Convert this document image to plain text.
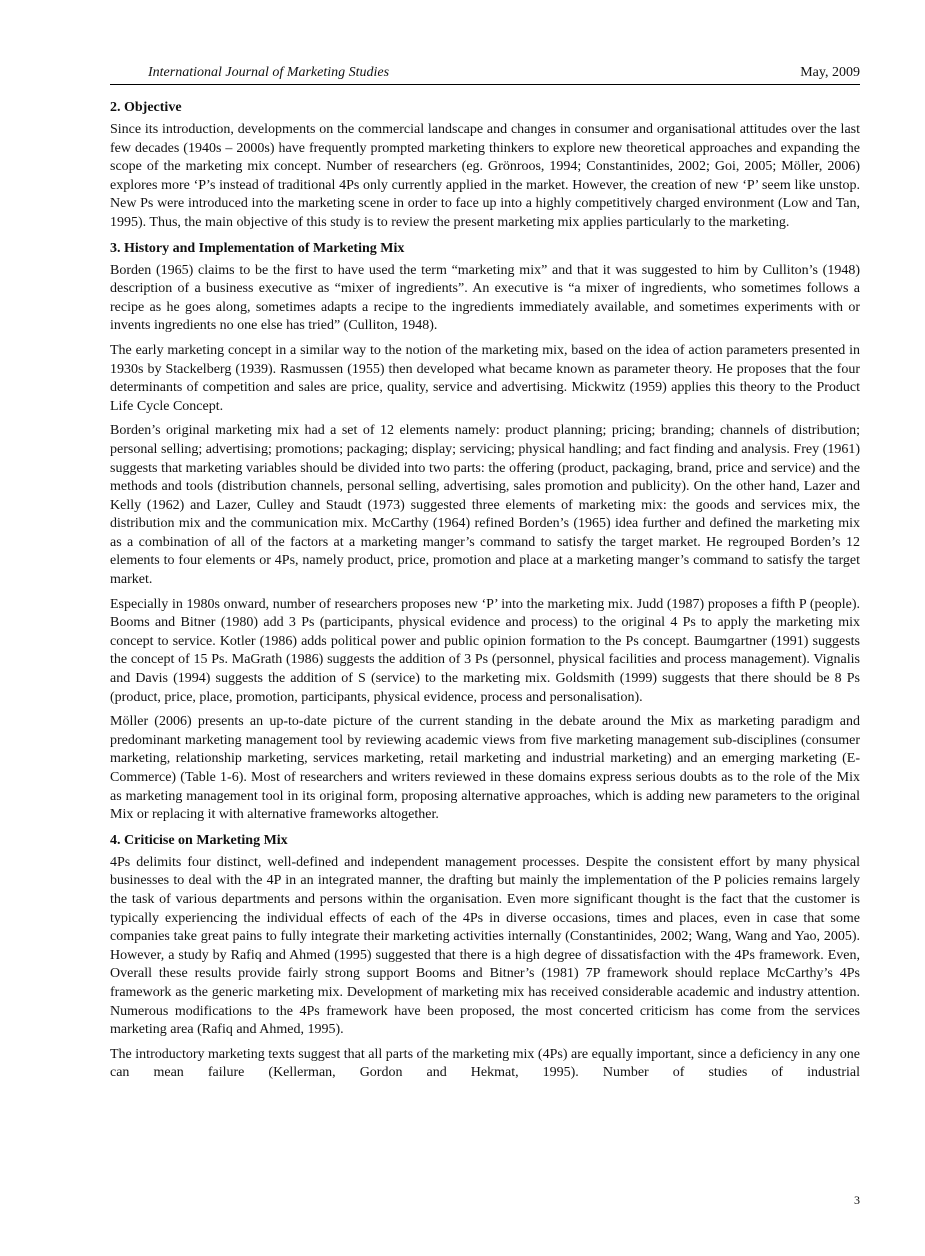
International Journal of Marketing Studies	May, 2009
2. Objective

Since its introduction, developments on the commercial landscape and changes in consumer and organisational attitudes over the last few decades (1940s – 2000s) have frequently prompted marketing thinkers to explore new theoretical approaches and expanding the scope of the marketing mix concept. Number of researchers (eg. Grönroos, 1994; Constantinides, 2002; Goi, 2005; Möller, 2006) explores more ‘P’s instead of traditional 4Ps only currently applied in the market. However, the creation of new ‘P’ seem like unstop. New Ps were introduced into the marketing scene in order to face up into a highly competitively charged environment (Low and Tan, 1995). Thus, the main objective of this study is to review the present marketing mix applies particularly to the marketing.

3. History and Implementation of Marketing Mix

Borden (1965) claims to be the first to have used the term “marketing mix” and that it was suggested to him by Culliton’s (1948) description of a business executive as “mixer of ingredients”. An executive is “a mixer of ingredients, who sometimes follows a recipe as he goes along, sometimes adapts a recipe to the ingredients immediately available, and sometimes experiments with or invents ingredients no one else has tried” (Culliton, 1948).

The early marketing concept in a similar way to the notion of the marketing mix, based on the idea of action parameters presented in 1930s by Stackelberg (1939). Rasmussen (1955) then developed what became known as parameter theory. He proposes that the four determinants of competition and sales are price, quality, service and advertising. Mickwitz (1959) applies this theory to the Product Life Cycle Concept.

Borden’s original marketing mix had a set of 12 elements namely: product planning; pricing; branding; channels of distribution; personal selling; advertising; promotions; packaging; display; servicing; physical handling; and fact finding and analysis. Frey (1961) suggests that marketing variables should be divided into two parts: the offering (product, packaging, brand, price and service) and the methods and tools (distribution channels, personal selling, advertising, sales promotion and publicity). On the other hand, Lazer and Kelly (1962) and Lazer, Culley and Staudt (1973) suggested three elements of marketing mix: the goods and services mix, the distribution mix and the communication mix. McCarthy (1964) refined Borden’s (1965) idea further and defined the marketing mix as a combination of all of the factors at a marketing manger’s command to satisfy the target market. He regrouped Borden’s 12 elements to four elements or 4Ps, namely product, price, promotion and place at a marketing manger’s command to satisfy the target market.

Especially in 1980s onward, number of researchers proposes new ‘P’ into the marketing mix. Judd (1987) proposes a fifth P (people). Booms and Bitner (1980) add 3 Ps (participants, physical evidence and process) to the original 4 Ps to apply the marketing mix concept to service. Kotler (1986) adds political power and public opinion formation to the Ps concept. Baumgartner (1991) suggests the concept of 15 Ps. MaGrath (1986) suggests the addition of 3 Ps (personnel, physical facilities and process management). Vignalis and Davis (1994) suggests the addition of S (service) to the marketing mix. Goldsmith (1999) suggests that there should be 8 Ps (product, price, place, promotion, participants, physical evidence, process and personalisation).

Möller (2006) presents an up-to-date picture of the current standing in the debate around the Mix as marketing paradigm and predominant marketing management tool by reviewing academic views from five marketing management sub-disciplines (consumer marketing, relationship marketing, services marketing, retail marketing and industrial marketing) and an emerging marketing (E-Commerce) (Table 1-6). Most of researchers and writers reviewed in these domains express serious doubts as to the role of the Mix as marketing management tool in its original form, proposing alternative approaches, which is adding new parameters to the original Mix or replacing it with alternative frameworks altogether.

4. Criticise on Marketing Mix

4Ps delimits four distinct, well-defined and independent management processes. Despite the consistent effort by many physical businesses to deal with the 4P in an integrated manner, the drafting but mainly the implementation of the P policies remains largely the task of various departments and persons within the organisation. Even more significant thought is the fact that the customer is typically experiencing the individual effects of each of the 4Ps in diverse occasions, times and places, even in case that some companies take great pains to fully integrate their marketing activities internally (Constantinides, 2002; Wang, Wang and Yao, 2005). However, a study by Rafiq and Ahmed (1995) suggested that there is a high degree of dissatisfaction with the 4Ps framework. Even, Overall these results provide fairly strong support Booms and Bitner’s (1981) 7P framework should replace McCarthy’s 4Ps framework as the generic marketing mix. Development of marketing mix has received considerable academic and industry attention. Numerous modifications to the 4Ps framework have been proposed, the most concerted criticism has come from the services marketing area (Rafiq and Ahmed, 1995).

The introductory marketing texts suggest that all parts of the marketing mix (4Ps) are equally important, since a deficiency in any one can mean failure (Kellerman, Gordon and Hekmat, 1995). Number of studies of industrial

3
